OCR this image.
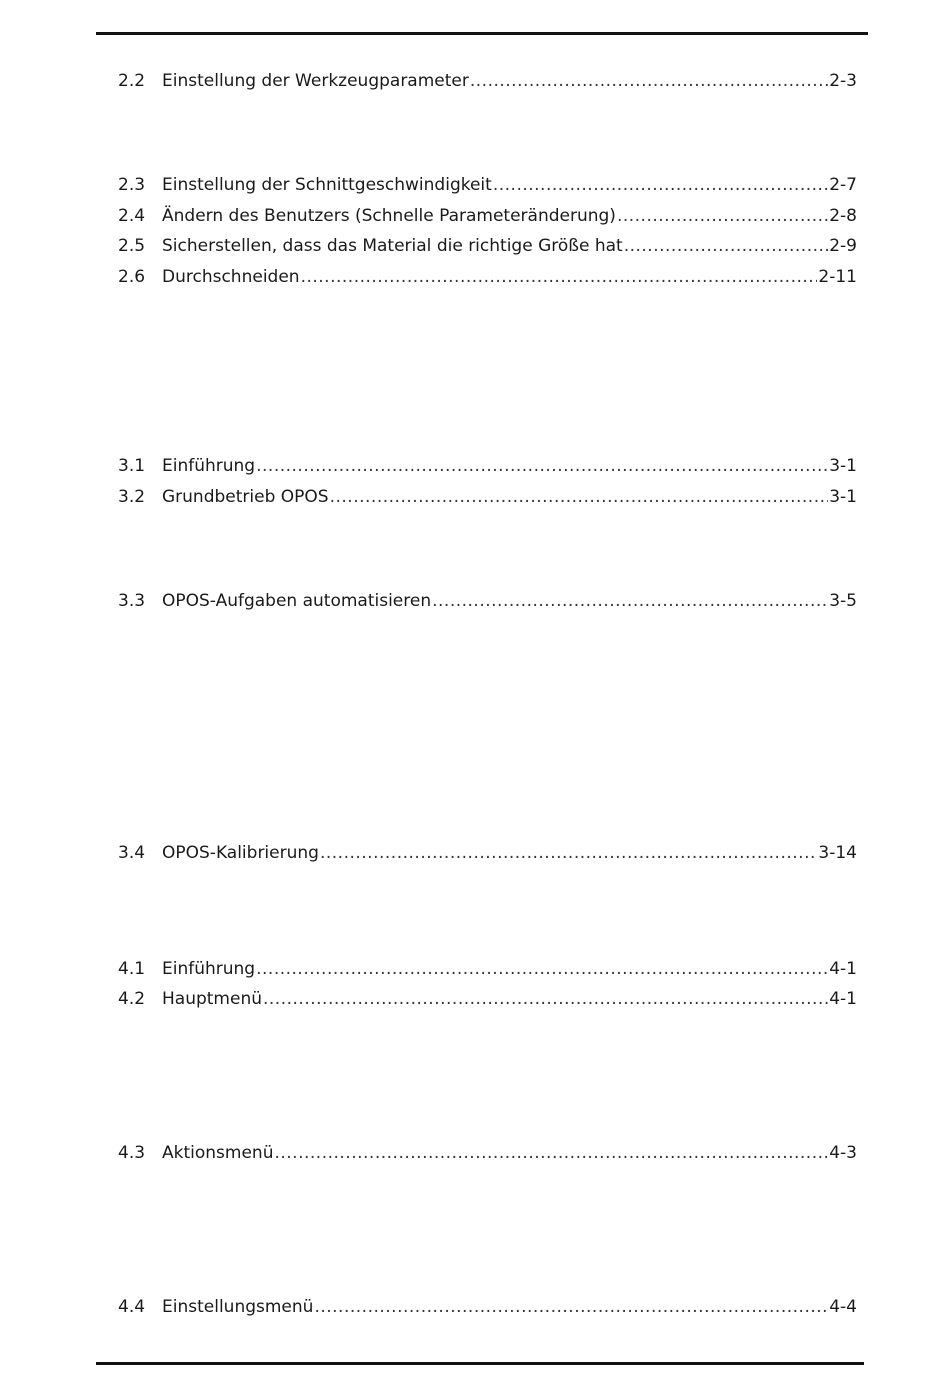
2.2 Einstellung der Werkzeugparameter .....	2-3
2.3 Einstellung der Schnittgeschwindigkeit .....	2-7
2.4 Ändern des Benutzers (Schnelle Parameteränderung) .....	2-8
2.5 Sicherstellen, dass das Material die richtige Größe hat .....	2-9
2.6 Durchschneiden .....	2-11
3.1 Einführung .....	3-1
3.2 Grundbetrieb OPOS .....	3-1
3.3 OPOS-Aufgaben automatisieren .....	3-5
3.4 OPOS-Kalibrierung .....	3-14
4.1 Einführung .....	4-1
4.2 Hauptmenü .....	4-1
4.3 Aktionsmenü .....	4-3
4.4 Einstellungsmenü .....	4-4
